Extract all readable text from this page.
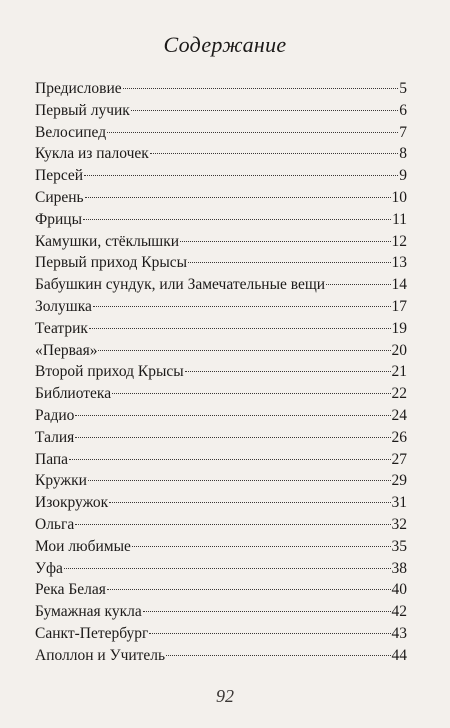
Содержание
Предисловие	5
Первый лучик	6
Велосипед	7
Кукла из палочек	8
Персей	9
Сирень	10
Фрицы	11
Камушки, стёклышки	12
Первый приход Крысы	13
Бабушкин сундук, или Замечательные вещи	14
Золушка	17
Театрик	19
«Первая»	20
Второй приход Крысы	21
Библиотека	22
Радио	24
Талия	26
Папа	27
Кружки	29
Изокружок	31
Ольга	32
Мои любимые	35
Уфа	38
Река Белая	40
Бумажная кукла	42
Санкт-Петербург	43
Аполлон и Учитель	44
92
